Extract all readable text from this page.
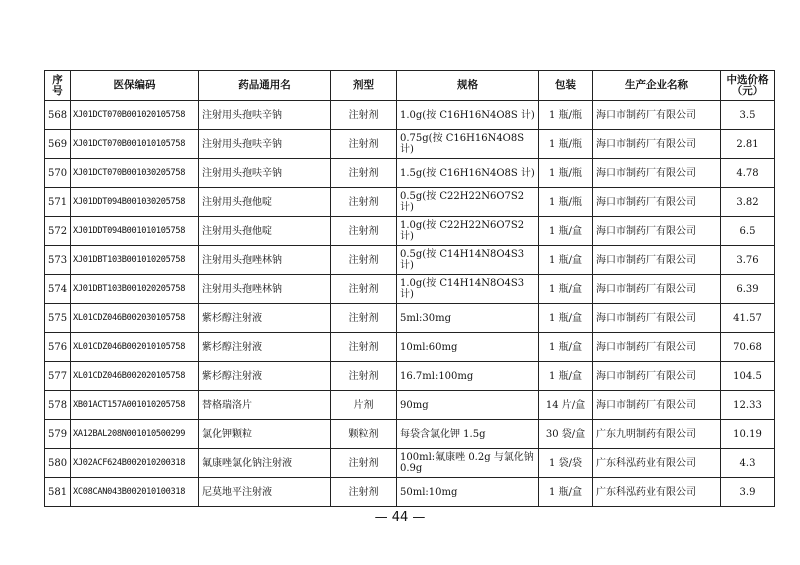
序号	医保编码	药品通用名	剂型	规格	包装	生产企业名称	中选价格（元）
568	XJ01DCT070B001020105758	注射用头孢呋辛钠	注射剂	1.0g(按 C16H16N4O8S 计)	1 瓶/瓶	海口市制药厂有限公司	3.5
569	XJ01DCT070B001010105758	注射用头孢呋辛钠	注射剂	0.75g(按 C16H16N4O8S 计)	1 瓶/瓶	海口市制药厂有限公司	2.81
570	XJ01DCT070B001030205758	注射用头孢呋辛钠	注射剂	1.5g(按 C16H16N4O8S 计)	1 瓶/瓶	海口市制药厂有限公司	4.78
571	XJ01DDT094B001030205758	注射用头孢他啶	注射剂	0.5g(按 C22H22N6O7S2 计)	1 瓶/瓶	海口市制药厂有限公司	3.82
572	XJ01DDT094B001010105758	注射用头孢他啶	注射剂	1.0g(按 C22H22N6O7S2 计)	1 瓶/盒	海口市制药厂有限公司	6.5
573	XJ01DBT103B001010205758	注射用头孢唑林钠	注射剂	0.5g(按 C14H14N8O4S3 计)	1 瓶/盒	海口市制药厂有限公司	3.76
574	XJ01DBT103B001020205758	注射用头孢唑林钠	注射剂	1.0g(按 C14H14N8O4S3 计)	1 瓶/盒	海口市制药厂有限公司	6.39
575	XL01CDZ046B002030105758	紫杉醇注射液	注射剂	5ml:30mg	1 瓶/盒	海口市制药厂有限公司	41.57
576	XL01CDZ046B002010105758	紫杉醇注射液	注射剂	10ml:60mg	1 瓶/盒	海口市制药厂有限公司	70.68
577	XL01CDZ046B002020105758	紫杉醇注射液	注射剂	16.7ml:100mg	1 瓶/盒	海口市制药厂有限公司	104.5
578	XB01ACT157A001010205758	替格瑞洛片	片剂	90mg	14 片/盒	海口市制药厂有限公司	12.33
579	XA12BAL208N001010500299	氯化钾颗粒	颗粒剂	每袋含氯化钾 1.5g	30 袋/盒	广东九明制药有限公司	10.19
580	XJ02ACF624B002010200318	氟康唑氯化钠注射液	注射剂	100ml:氟康唑 0.2g 与氯化钠 0.9g	1 袋/袋	广东科泓药业有限公司	4.3
581	XC08CAN043B002010100318	尼莫地平注射液	注射剂	50ml:10mg	1 瓶/盒	广东科泓药业有限公司	3.9
— 44 —
